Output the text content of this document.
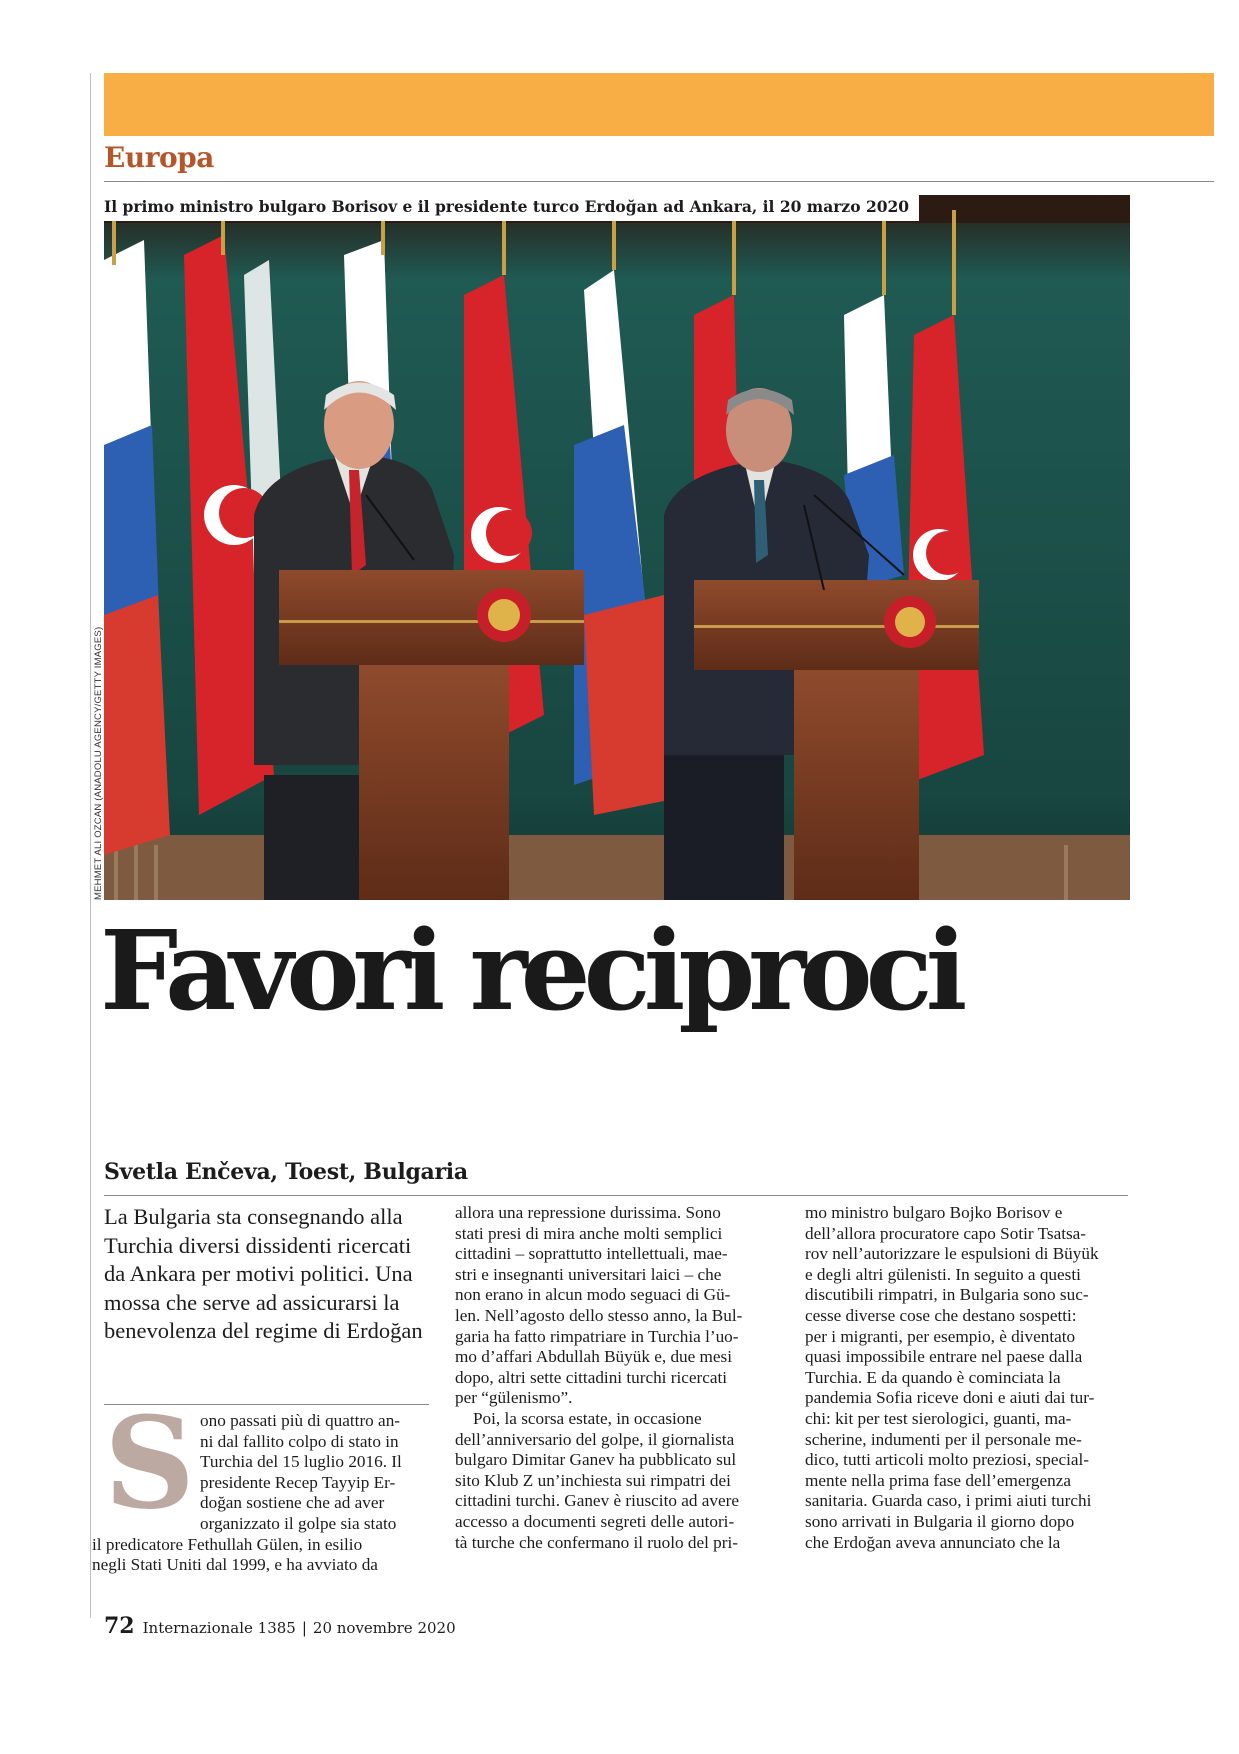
Europa
Il primo ministro bulgaro Borisov e il presidente turco Erdoğan ad Ankara, il 20 marzo 2020
MEHMET ALI OZCAN (ANADOLU AGENCY/GETTY IMAGES)
Favori reciproci
Svetla Enčeva, Toest, Bulgaria
La Bulgaria sta consegnando alla Turchia diversi dissidenti ricercati da Ankara per motivi politici. Una mossa che serve ad assicurarsi la benevolenza del regime di Erdoğan
S ono passati più di quattro an-

ni dal fallito colpo di stato in

Turchia del 15 luglio 2016. Il

presidente Recep Tayyip Er-

doğan sostiene che ad aver

organizzato il golpe sia stato

il predicatore Fethullah Gülen, in esilio

negli Stati Uniti dal 1999, e ha avviato da

allora una repressione durissima. Sono

stati presi di mira anche molti semplici

cittadini – soprattutto intellettuali, mae-

stri e insegnanti universitari laici – che

non erano in alcun modo seguaci di Gü-

len. Nell’agosto dello stesso anno, la Bul-

garia ha fatto rimpatriare in Turchia l’uo-

mo d’affari Abdullah Büyük e, due mesi

dopo, altri sette cittadini turchi ricercati

per “gülenismo”.

Poi, la scorsa estate, in occasione

dell’anniversario del golpe, il giornalista

bulgaro Dimitar Ganev ha pubblicato sul

sito Klub Z un’inchiesta sui rimpatri dei

cittadini turchi. Ganev è riuscito ad avere

accesso a documenti segreti delle autori-

tà turche che confermano il ruolo del pri-

mo ministro bulgaro Bojko Borisov e

dell’allora procuratore capo Sotir Tsatsa-

rov nell’autorizzare le espulsioni di Büyük

e degli altri gülenisti. In seguito a questi

discutibili rimpatri, in Bulgaria sono suc-

cesse diverse cose che destano sospetti:

per i migranti, per esempio, è diventato

quasi impossibile entrare nel paese dalla

Turchia. E da quando è cominciata la

pandemia Sofia riceve doni e aiuti dai tur-

chi: kit per test sierologici, guanti, ma-

scherine, indumenti per il personale me-

dico, tutti articoli molto preziosi, special-

mente nella prima fase dell’emergenza

sanitaria. Guarda caso, i primi aiuti turchi

sono arrivati in Bulgaria il giorno dopo

che Erdoğan aveva annunciato che la

72 Internazionale 1385 | 20 novembre 2020
